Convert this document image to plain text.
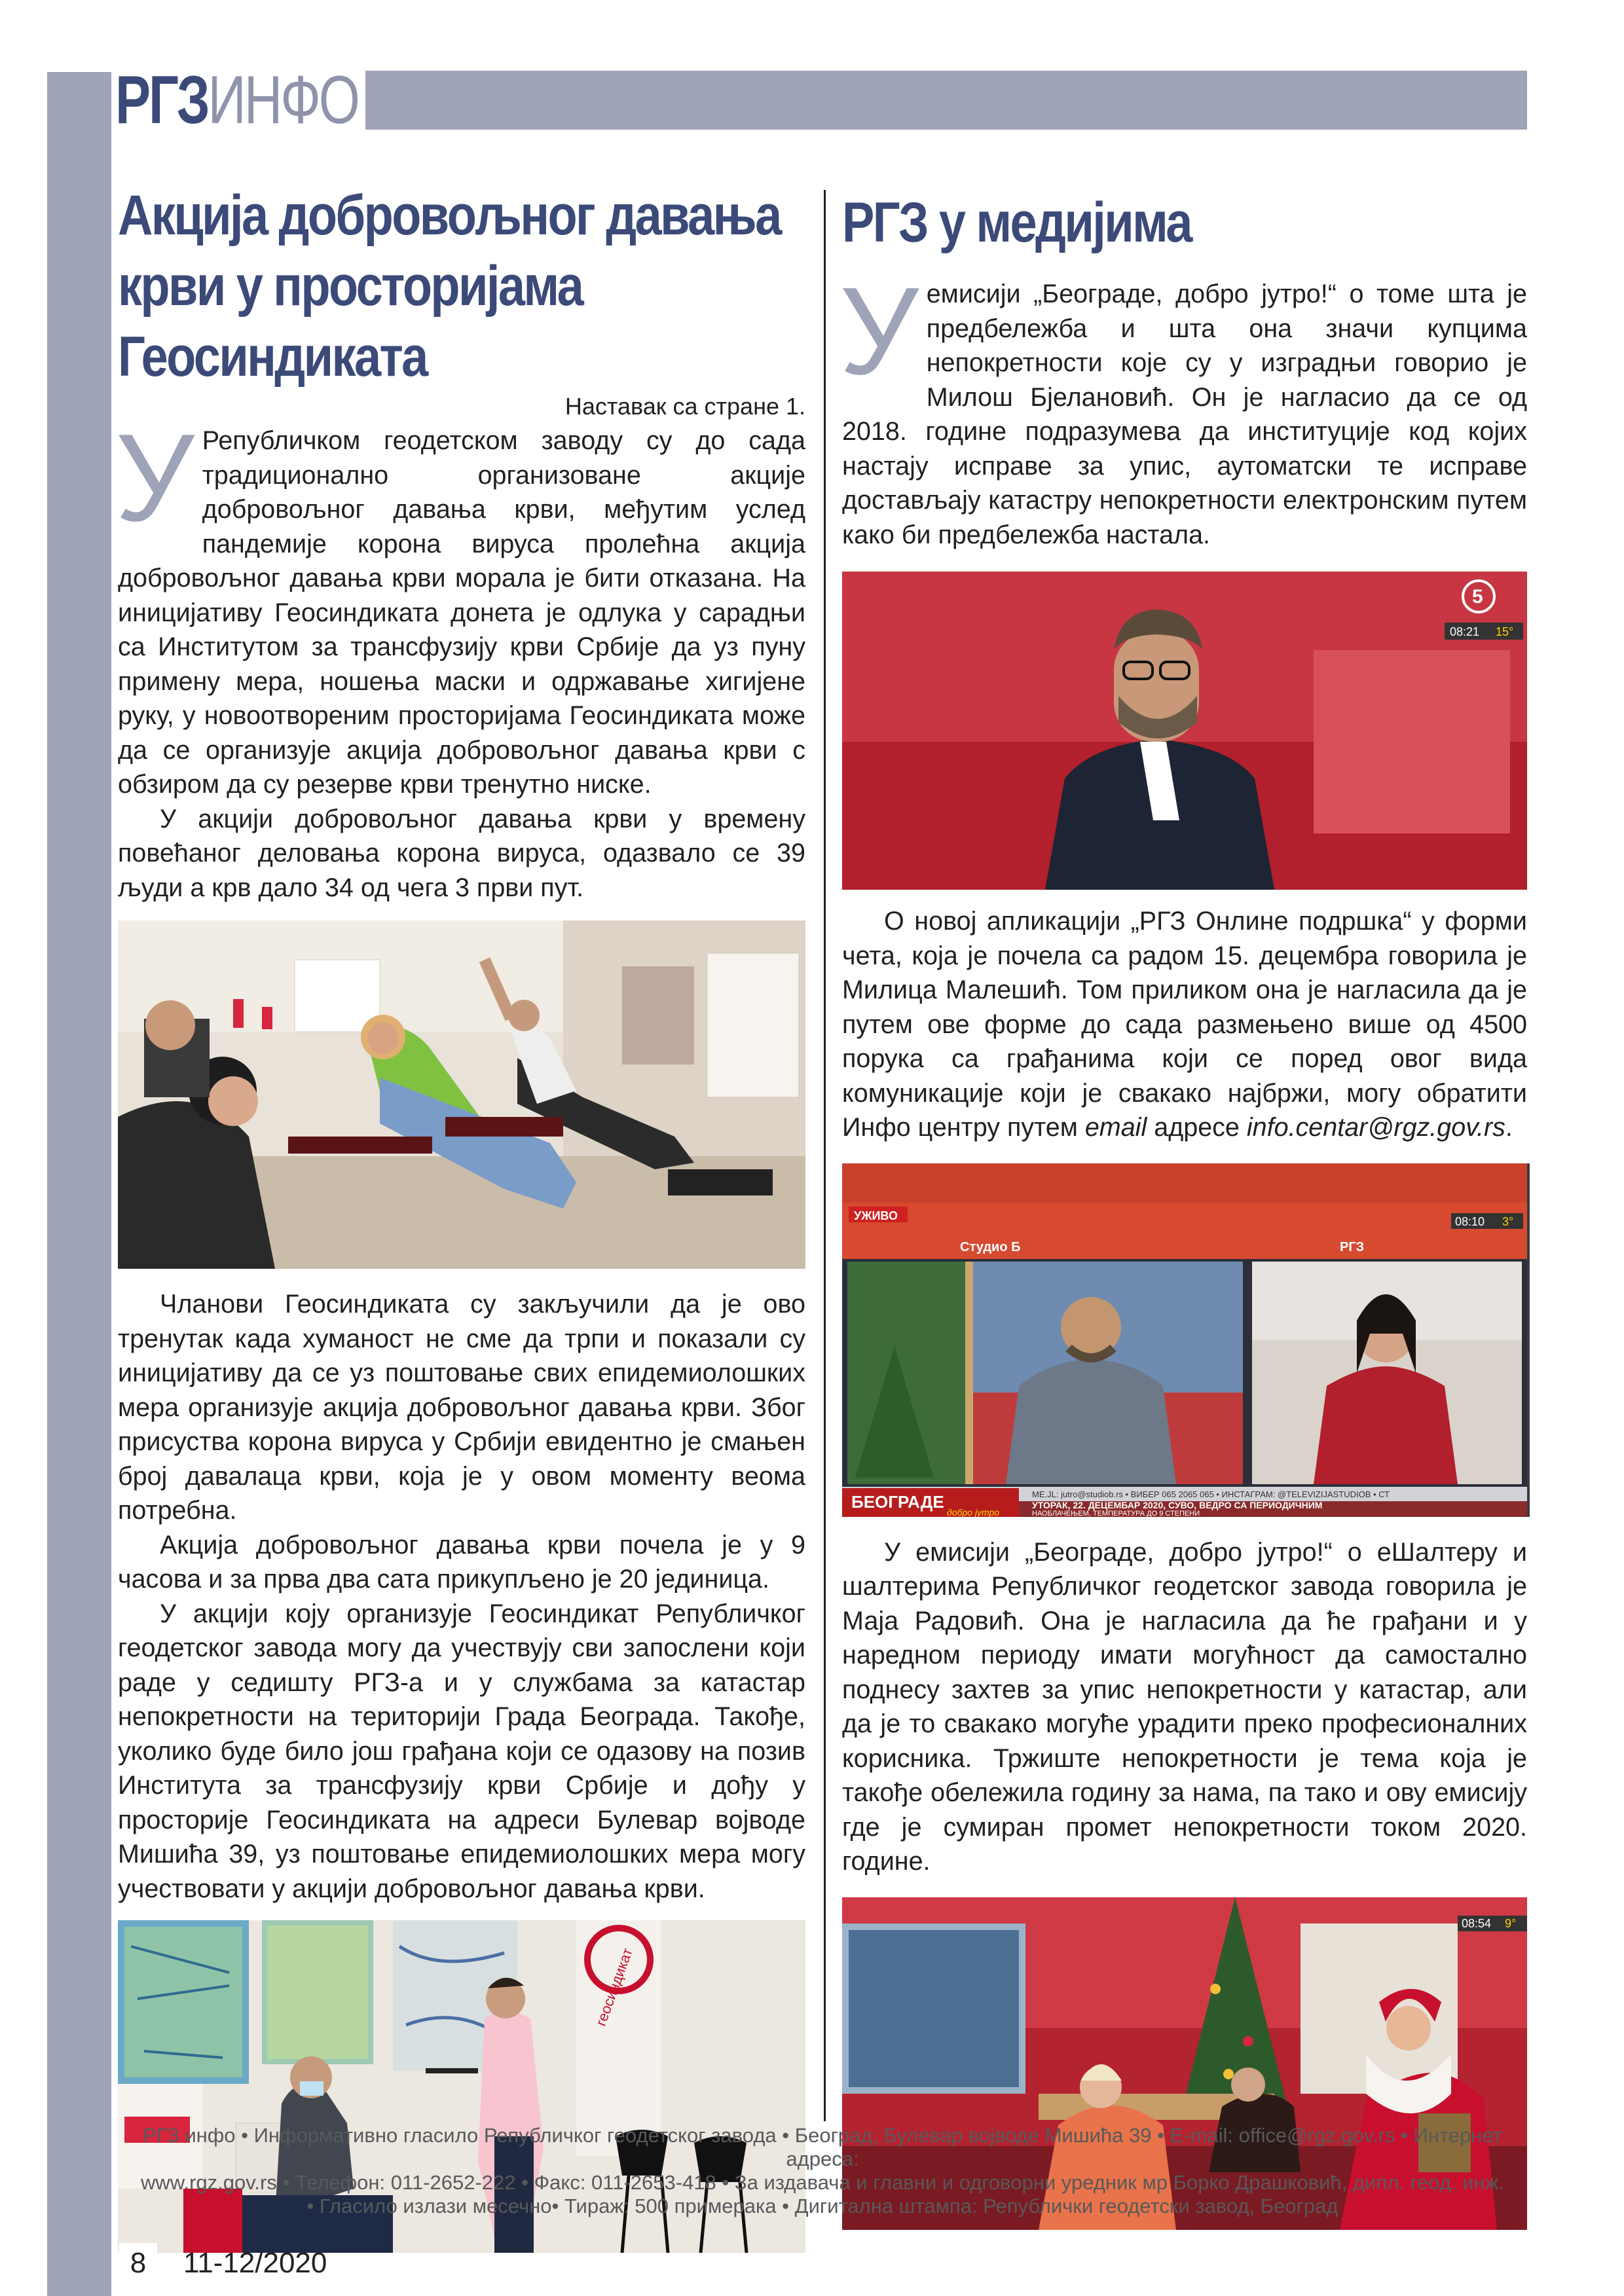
РГЗИНФО
Акција добровољног давања крви у просторијама Геосиндиката
Наставак са стране 1.

У Републичком геодетском заводу су до сада традиционално организоване акције добровољног давања крви, међутим услед пандемије корона вируса пролећна акција добровољног давања крви морала је бити отказана. На иницијативу Геосиндиката донета је одлука у сарадњи са Институтом за трансфузију крви Србије да уз пуну примену мера, ношења маски и одржавање хигијене руку, у новоотвореним просторијама Геосиндиката може да се организује акција добровољног давања крви с обзиром да су резерве крви тренутно ниске.

У акцији добровољног давања крви у времену повећаног деловања корона вируса, одазвало се 39 људи а крв дало 34 од чега 3 први пут.

Чланови Геосиндиката су закључили да је ово тренутак када хуманост не сме да трпи и показали су иницијативу да се уз поштовање свих епидемиолошких мера организује акција добровољног давања крви. Због присуства корона вируса у Србији евидентно је смањен број давалаца крви, која је у овом моменту веома потребна.

Акција добровољног давања крви почела је у 9 часова и за прва два сата прикупљено је 20 јединица.

У акцији коју организује Геосиндикат Републичког геодетског завода могу да учествују сви запослени који раде у седишту РГЗ-а и у службама за катастар непокретности на територији Града Београда. Такође, уколико буде било још грађана који се одазову на позив Института за трансфузију крви Србије и дођу у просторије Геосиндиката на адреси Булевар војводе Мишића 39, уз поштовање епидемиолошких мера могу учествовати у акцији добровољног давања крви.

геосиндикат
РГЗ у медијима

Уемисији „Београде, добро јутро!“ о томе шта је предбележба и шта она значи купцима непокретности које су у изградњи говорио је Милош Бјелановић. Он је нагласио да се од 2018. године подразумева да институције код којих настају исправе за упис, аутоматски те исправе достављају катастру непокретности електронским путем како би предбележба настала.

5
08:21 15°

О новој апликацији „РГЗ Онлине подршка“ у форми чета, која је почела са радом 15. децембра говорила је Милица Малешић. Том приликом она је нагласила да је путем ове форме до сада размењено више од 4500 порука са грађанима који се поред овог вида комуникације који је свакако најбржи, могу обратити Инфо центру путем email адресе info.centar@rgz.gov.rs.

УЖИВО
Студио Б	РГЗ
08:10 3°
ME.JL: jutro@studiob.rs • ВИБЕР 065 2065 065 • ИНСТАГРАМ: @TELEVIZIJASTUDIOB • СТ
БЕОГРАДЕ
добро јутро
УТОРАК, 22. ДЕЦЕМБАР 2020, СУВО, ВЕДРО СА ПЕРИОДИЧНИМ
НАОБЛАЧЕЊЕМ, ТЕМПЕРАТУРА ДО 9 СТЕПЕНИ

У емисији „Београде, добро јутро!“ о еШалтеру и шалтерима Републичког геодетског завода говорила је Маја Радовић. Она је нагласила да ће грађани и у наредном периоду имати могућност да самостално поднесу захтев за упис непокретности у катастар, али да је то свакако могуће урадити преко професионалних корисника. Тржиште непокретности је тема која је такође обележила годину за нама, па тако и ову емисију где је сумиран промет непокретности током 2020. године.

08:54 9°
РГЗ инфо • Информативно гласило Републичког геодетског завода • Београд, Булевар војводе Мишића 39 • E-mail: office@rgz.gov.rs • Интернет адреса:
www.rgz.gov.rs • Телефон: 011-2652-222 • Факс: 011-2653-418 • За издавача и главни и одговорни уредник мр Борко Драшковић, дипл. геод. инж.
• Гласило излази месечно• Тираж: 500 примерака • Дигитална штампа: Републички геодетски завод, Београд
8	11-12/2020
